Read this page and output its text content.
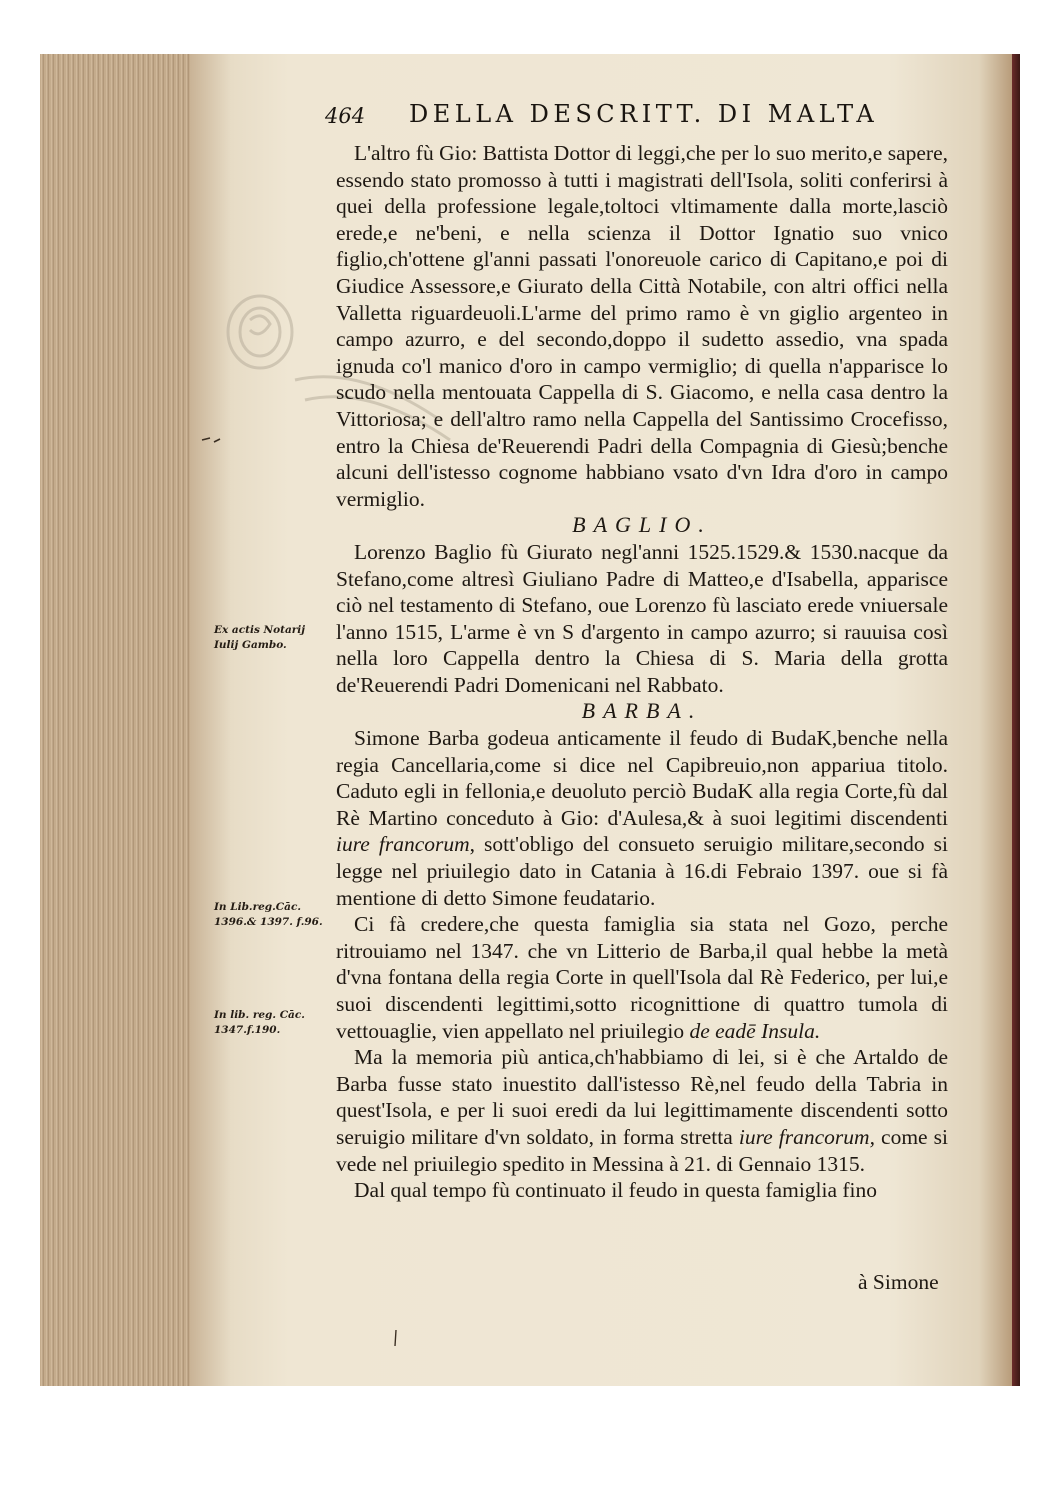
464 DELLA DESCRITT. DI MALTA

L'altro fù Gio: Battista Dottor di leggi,che per lo suo merito,e sapere, essendo stato promosso à tutti i magistrati dell'Isola, soliti conferirsi à quei della professione legale,toltoci vltimamente dalla morte,lasciò erede,e ne'beni, e nella scienza il Dottor Ignatio suo vnico figlio,ch'ottene gl'anni passati l'onoreuole carico di Capitano,e poi di Giudice Assessore,e Giurato della Città Notabile, con altri offici nella Valletta riguardeuoli.L'arme del primo ramo è vn giglio argenteo in campo azurro, e del secondo,doppo il sudetto assedio, vna spada ignuda co'l manico d'oro in campo vermiglio; di quella n'apparisce lo scudo nella mentouata Cappella di S. Giacomo, e nella casa dentro la Vittoriosa; e dell'altro ramo nella Cappella del Santissimo Crocefisso, entro la Chiesa de'Reuerendi Padri della Compagnia di Giesù;benche alcuni dell'istesso cognome habbiano vsato d'vn Idra d'oro in campo vermiglio.

BAGLIO.

Lorenzo Baglio fù Giurato negl'anni 1525.1529.& 1530.nacque da Stefano,come altresì Giuliano Padre di Matteo,e d'Isabella, apparisce ciò nel testamento di Stefano, oue Lorenzo fù lasciato erede vniuersale l'anno 1515, L'arme è vn S d'argento in campo azurro; si rauuisa così nella loro Cappella dentro la Chiesa di S. Maria della grotta de'Reuerendi Padri Domenicani nel Rabbato.

BARBA.

Simone Barba godeua anticamente il feudo di BudaK,benche nella regia Cancellaria,come si dice nel Capibreuio,non appariua titolo. Caduto egli in fellonia,e deuoluto perciò BudaK alla regia Corte,fù dal Rè Martino conceduto à Gio: d'Aulesa,& à suoi legitimi discendenti iure francorum, sott'obligo del consueto seruigio militare,secondo si legge nel priuilegio dato in Catania à 16.di Febraio 1397. oue si fà mentione di detto Simone feudatario.

Ci fà credere,che questa famiglia sia stata nel Gozo, perche ritrouiamo nel 1347. che vn Litterio de Barba,il qual hebbe la metà d'vna fontana della regia Corte in quell'Isola dal Rè Federico, per lui,e suoi discendenti legittimi,sotto ricognittione di quattro tumola di vettouaglie, vien appellato nel priuilegio de eadē Insula.

Ma la memoria più antica,ch'habbiamo di lei, si è che Artaldo de Barba fusse stato inuestito dall'istesso Rè,nel feudo della Tabria in quest'Isola, e per li suoi eredi da lui legittimamente discendenti sotto seruigio militare d'vn soldato, in forma stretta iure francorum, come si vede nel priuilegio spedito in Messina à 21. di Gennaio 1315.

Dal qual tempo fù continuato il feudo in questa famiglia fino

à Simone
Ex actis Notarij Iulij Gambo.
In Lib.reg.Cāc. 1396.& 1397. f.96.
In lib. reg. Cāc. 1347.f.190.
